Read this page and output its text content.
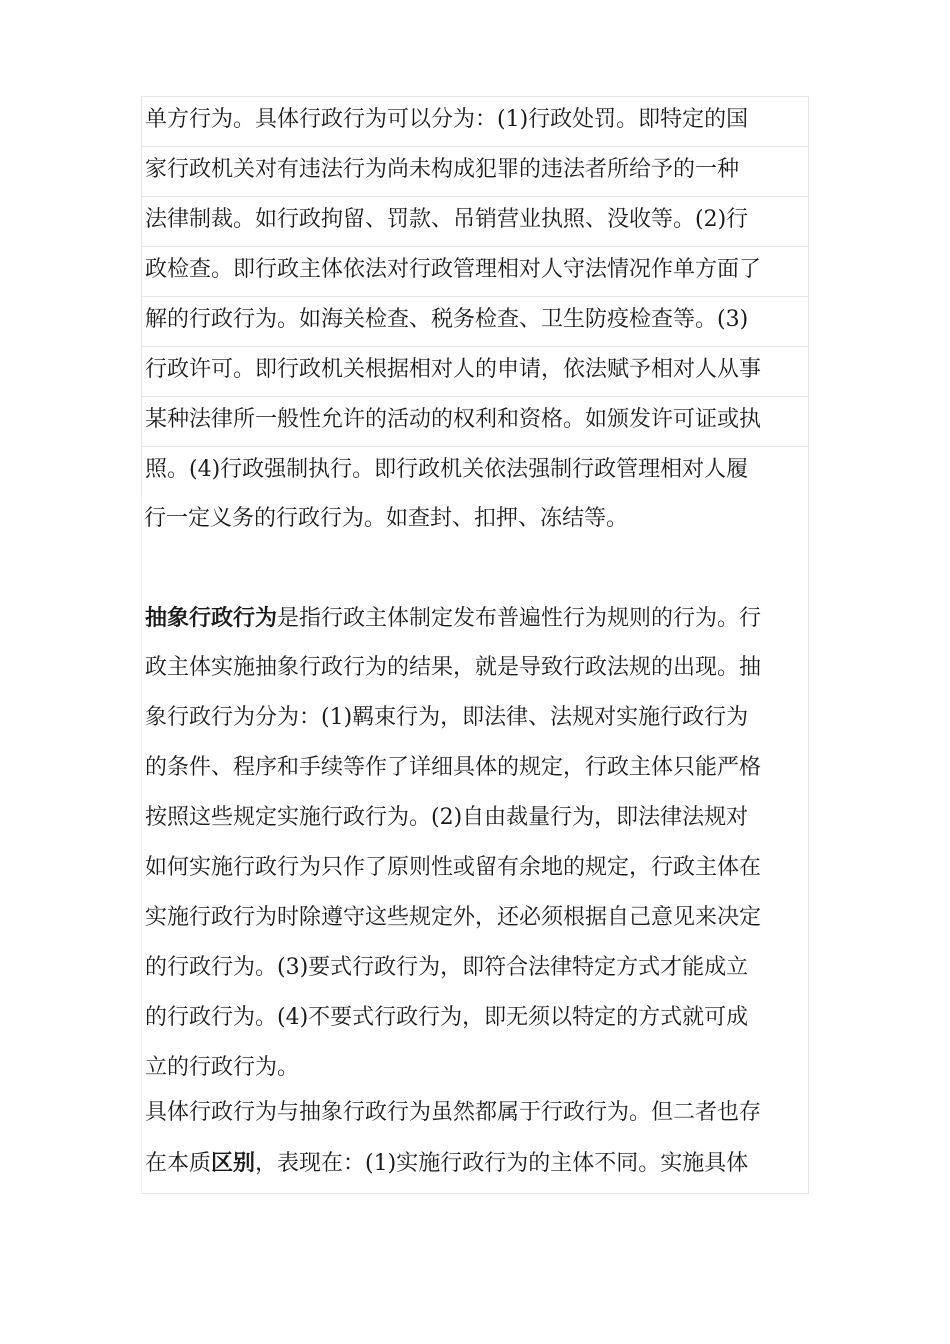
单方行为。具体行政行为可以分为：(1)行政处罚。即特定的国
家行政机关对有违法行为尚未构成犯罪的违法者所给予的一种
法律制裁。如行政拘留、罚款、吊销营业执照、没收等。(2)行
政检查。即行政主体依法对行政管理相对人守法情况作单方面了
解的行政行为。如海关检查、税务检查、卫生防疫检查等。(3)
行政许可。即行政机关根据相对人的申请，依法赋予相对人从事
某种法律所一般性允许的活动的权利和资格。如颁发许可证或执
照。(4)行政强制执行。即行政机关依法强制行政管理相对人履
行一定义务的行政行为。如查封、扣押、冻结等。
抽象行政行为是指行政主体制定发布普遍性行为规则的行为。行
政主体实施抽象行政行为的结果，就是导致行政法规的出现。抽
象行政行为分为：(1)羁束行为，即法律、法规对实施行政行为
的条件、程序和手续等作了详细具体的规定，行政主体只能严格
按照这些规定实施行政行为。(2)自由裁量行为，即法律法规对
如何实施行政行为只作了原则性或留有余地的规定，行政主体在
实施行政行为时除遵守这些规定外，还必须根据自己意见来决定
的行政行为。(3)要式行政行为，即符合法律特定方式才能成立
的行政行为。(4)不要式行政行为，即无须以特定的方式就可成
立的行政行为。
具体行政行为与抽象行政行为虽然都属于行政行为。但二者也存
在本质区别，表现在：(1)实施行政行为的主体不同。实施具体
